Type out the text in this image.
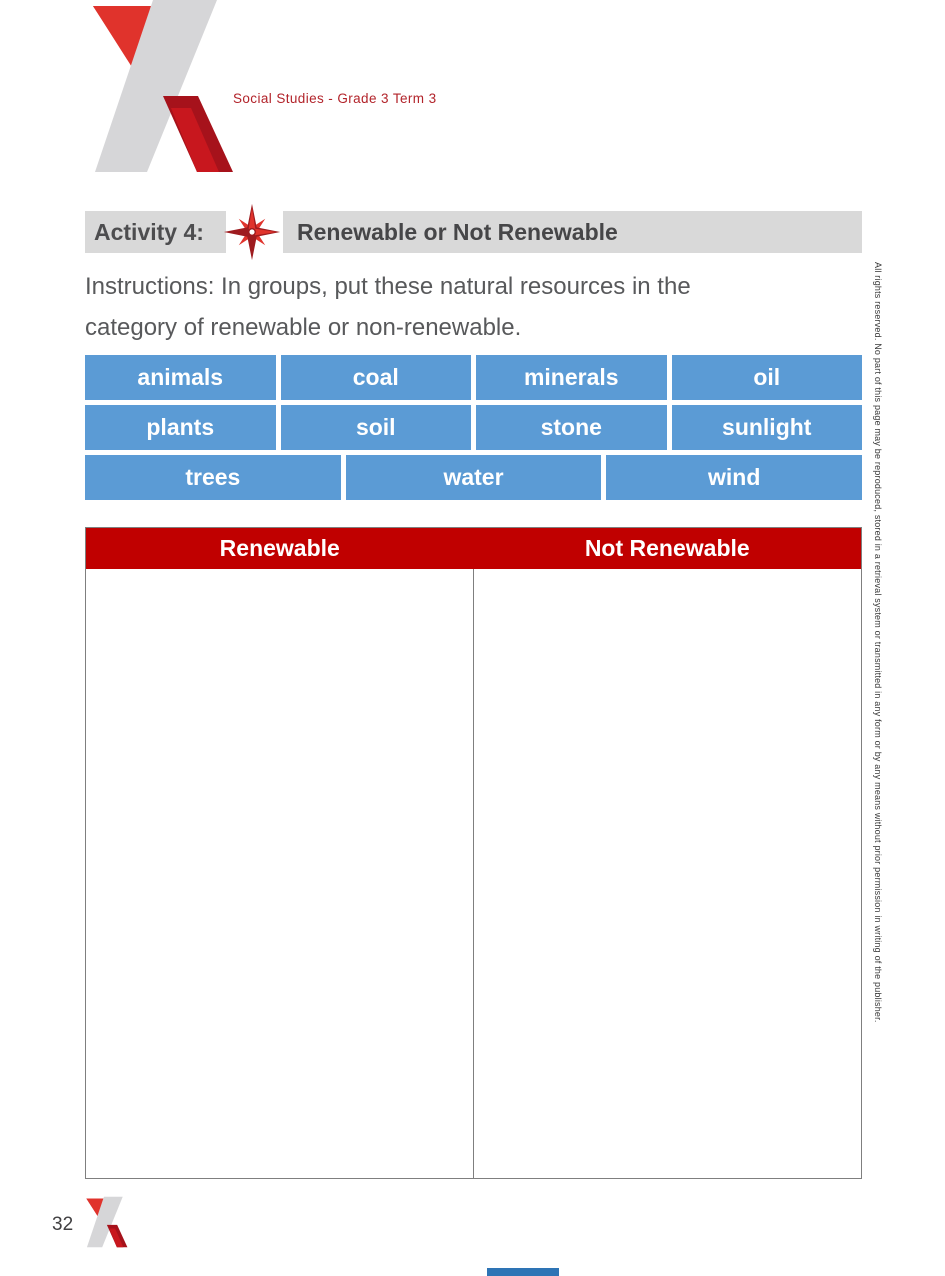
Social Studies - Grade 3 Term 3
Activity 4:	Renewable or Not Renewable
Instructions: In groups, put these natural resources in the
category of renewable or non-renewable.
animals	coal	minerals	oil
plants	soil	stone	sunlight
trees	water	wind
Renewable	Not Renewable	All rights reserved. No part of this page may be reproduced, stored in a retrieval system or transmitted in any form or by any means without prior permission in writing of the publisher.
32
